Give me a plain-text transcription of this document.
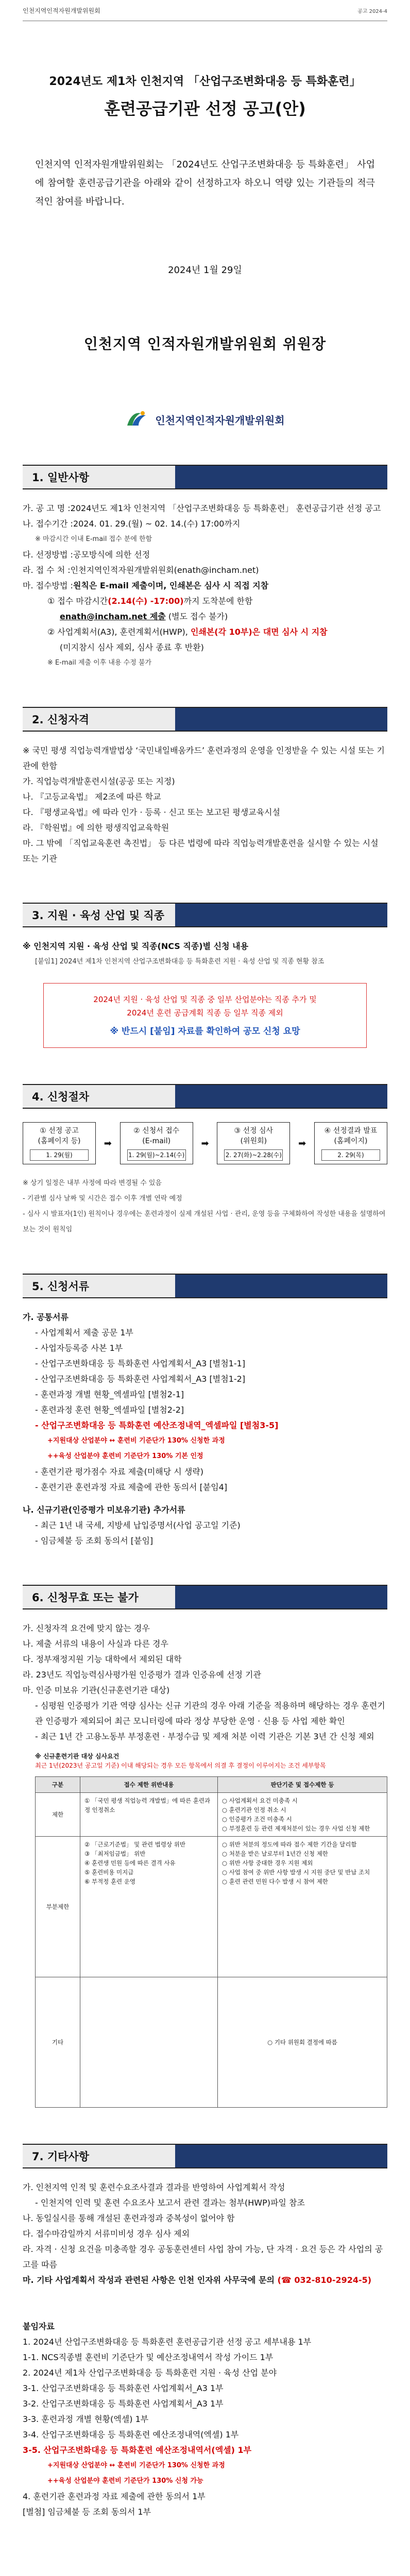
인천지역인적자원개발위원회	공고 2024-4
2024년도 제1차 인천지역 「산업구조변화대응 등 특화훈련」
훈련공급기관 선정 공고(안)
인천지역 인적자원개발위원회는 「2024년도 산업구조변화대응 등 특화훈련」 사업에 참여할 훈련공급기관을 아래와 같이 선정하고자 하오니 역량 있는 기관들의 적극적인 참여를 바랍니다.
2024년 1월 29일
인천지역 인적자원개발위원회 위원장
인천지역인적자원개발위원회
1. 일반사항
가. 공 고 명 : 2024년도 제1차 인천지역 「산업구조변화대응 등 특화훈련」 훈련공급기관 선정 공고
나. 접수기간 : 2024. 01. 29.(월) ~ 02. 14.(수) 17:00까지
※ 마감시간 이내 E-mail 접수 분에 한함
다. 선정방법 : 공모방식에 의한 선정
라. 접 수 처 : 인천지역인적자원개발위원회(enath@incham.net)
마. 접수방법 : 원칙은 E-mail 제출이며, 인쇄본은 심사 시 직접 지참
① 접수 마감시간(2.14(수) -17:00)까지 도착분에 한함
enath@incham.net 제출 (별도 접수 불가)
② 사업계획서(A3), 훈련계획서(HWP), 인쇄본(각 10부)은 대면 심사 시 지참
(미지참시 심사 제외, 심사 종료 후 반환)
※ E-mail 제출 이후 내용 수정 불가
2. 신청자격
※ 국민 평생 직업능력개발법상 ‘국민내일배움카드’ 훈련과정의 운영을 인정받을 수 있는 시설 또는 기관에 한함
가. 직업능력개발훈련시설(공공 또는 지정)
나. 『고등교육법』 제2조에 따른 학교
다. 『평생교육법』에 따라 인가 · 등록 · 신고 또는 보고된 평생교육시설
라. 『학원법』에 의한 평생직업교육학원
마. 그 밖에 「직업교육훈련 촉진법」 등 다른 법령에 따라 직업능력개발훈련을 실시할 수 있는 시설 또는 기관
3. 지원 · 육성 산업 및 직종
※ 인천지역 지원 · 육성 산업 및 직종(NCS 직종)별 신청 내용
[붙임1] 2024년 제1차 인천지역 산업구조변화대응 등 특화훈련 지원 · 육성 산업 및 직종 현황 참조
2024년 지원 · 육성 산업 및 직종 중 일부 산업분야는 직종 추가 및
2024년 훈련 공급계획 직종 등 일부 직종 제외
※ 반드시 [붙임] 자료를 확인하여 공모 신청 요망
4. 신청절차
① 선정 공고
(홈페이지 등)
1. 29(월)
➡
② 신청서 접수
(E-mail)
1. 29(월)~2.14(수)
➡
③ 선정 심사
(위원회)
2. 27(화)~2.28(수)
➡
④ 선정결과 발표
(홈페이지)
2. 29(목)
※ 상기 일정은 내부 사정에 따라 변경될 수 있음
- 기관별 심사 날짜 및 시간은 접수 이후 개별 연락 예정
- 심사 시 발표자(1인) 원칙이나 경우에는 훈련과정이 실제 개설된 사업 · 관리, 운영 등을 구체화하여 작성한 내용을 설명하여 보는 것이 원칙임
5. 신청서류
가. 공통서류
- 사업계획서 제출 공문 1부
- 사업자등록증 사본 1부
- 산업구조변화대응 등 특화훈련 사업계획서_A3 [별첨1-1]
- 산업구조변화대응 등 특화훈련 사업계획서_A3 [별첨1-2]
- 훈련과정 개별 현황_엑셀파일 [별첨2-1]
- 훈련과정 훈련 현황_엑셀파일 [별첨2-2]
- 산업구조변화대응 등 특화훈련 예산조정내역_엑셀파일 [별첨3-5]
+지원대상 산업분야 ↔ 훈련비 기준단가 130% 신청한 과정
++육성 산업분야 훈련비 기준단가 130% 기본 인정
- 훈련기관 평가점수 자료 제출(미해당 시 생략)
- 훈련기관 훈련과정 자료 제출에 관한 동의서 [붙임4]
나. 신규기관(인증평가 미보유기관) 추가서류
- 최근 1년 내 국세, 지방세 납입증명서(사업 공고일 기준)
- 임금체불 등 조회 동의서 [붙임]
6. 신청무효 또는 불가
가. 신청자격 요건에 맞지 않는 경우
나. 제출 서류의 내용이 사실과 다른 경우
다. 정부재정지원 기능 대학에서 제외된 대학
라. 23년도 직업능력심사평가원 인증평가 결과 인증유예 선정 기관
마. 인증 미보유 기관(신규훈련기관 대상)
- 심평원 인증평가 기관 역량 심사는 신규 기관의 경우 아래 기준을 적용하며 해당하는 경우 훈련기관 인증평가 제외되어 최근 모니터링에 따라 정상 부당한 운영 · 신용 등 사업 제한 확인
- 최근 1년 간 고용노동부 부정훈련 · 부정수급 및 제재 처분 이력 기관은 기본 3년 간 신청 제외
※ 신규훈련기관 대상 심사요건
최근 1년(2023년 공고일 기준) 이내 해당되는 경우 모든 항목에서 의결 후 결정이 이루어지는 조건 세부항목
구분	접수 제한 위반내용	판단기준 및 접수제한 등
제한	① 「국민 평생 직업능력 개발법」에 따른 훈련과정 인정취소	○ 사업계획서 요건 미충족 시
○ 훈련기관 인정 취소 시
○ 인증평가 조건 미충족 시
○ 부정훈련 등 관련 제재처분이 있는 경우 사업 신청 제한
부분제한	② 「근로기준법」 및 관련 법령상 위반
③ 「최저임금법」 위반
④ 훈련생 민원 등에 따른 결격 사유
⑤ 훈련비용 미지급
⑥ 부적정 훈련 운영	○ 위반 처분의 정도에 따라 접수 제한 기간을 달리함
○ 처분을 받은 날로부터 1년간 신청 제한
○ 위반 사항 중대한 경우 지원 제외
○ 사업 참여 중 위반 사항 발생 시 지원 중단 및 반납 조치
○ 훈련 관련 민원 다수 발생 시 참여 제한
기타		○ 기타 위원회 결정에 따름
7. 기타사항
가. 인천지역 인적 및 훈련수요조사결과 결과를 반영하여 사업계획서 작성
- 인천지역 인력 및 훈련 수요조사 보고서 관련 결과는 첨부(HWP)파일 참조
나. 동일실시를 통해 개설된 훈련과정과 중복성이 없어야 함
다. 접수마감일까지 서류미비성 경우 심사 제외
라. 자격 · 신청 요건을 미충족할 경우 공동훈련센터 사업 참여 가능, 단 자격 · 요건 등은 각 사업의 공고를 따름
마. 기타 사업계획서 작성과 관련된 사항은 인천 인자위 사무국에 문의 (☎ 032-810-2924-5)
붙임자료
1. 2024년 산업구조변화대응 등 특화훈련 훈련공급기관 선정 공고 세부내용 1부
1-1. NCS직종별 훈련비 기준단가 및 예산조정내역서 작성 가이드 1부
2. 2024년 제1차 산업구조변화대응 등 특화훈련 지원 · 육성 산업 분야
3-1. 산업구조변화대응 등 특화훈련 사업계획서_A3 1부
3-2. 산업구조변화대응 등 특화훈련 사업계획서_A3 1부
3-3. 훈련과정 개별 현황(엑셀) 1부
3-4. 산업구조변화대응 등 특화훈련 예산조정내역(엑셀) 1부
3-5. 산업구조변화대응 등 특화훈련 예산조정내역서(엑셀) 1부
+지원대상 산업분야 ↔ 훈련비 기준단가 130% 신청한 과정
++육성 산업분야 훈련비 기준단가 130% 신청 가능
4. 훈련기관 훈련과정 자료 제출에 관한 동의서 1부
[별첨] 임금체불 등 조회 동의서 1부
